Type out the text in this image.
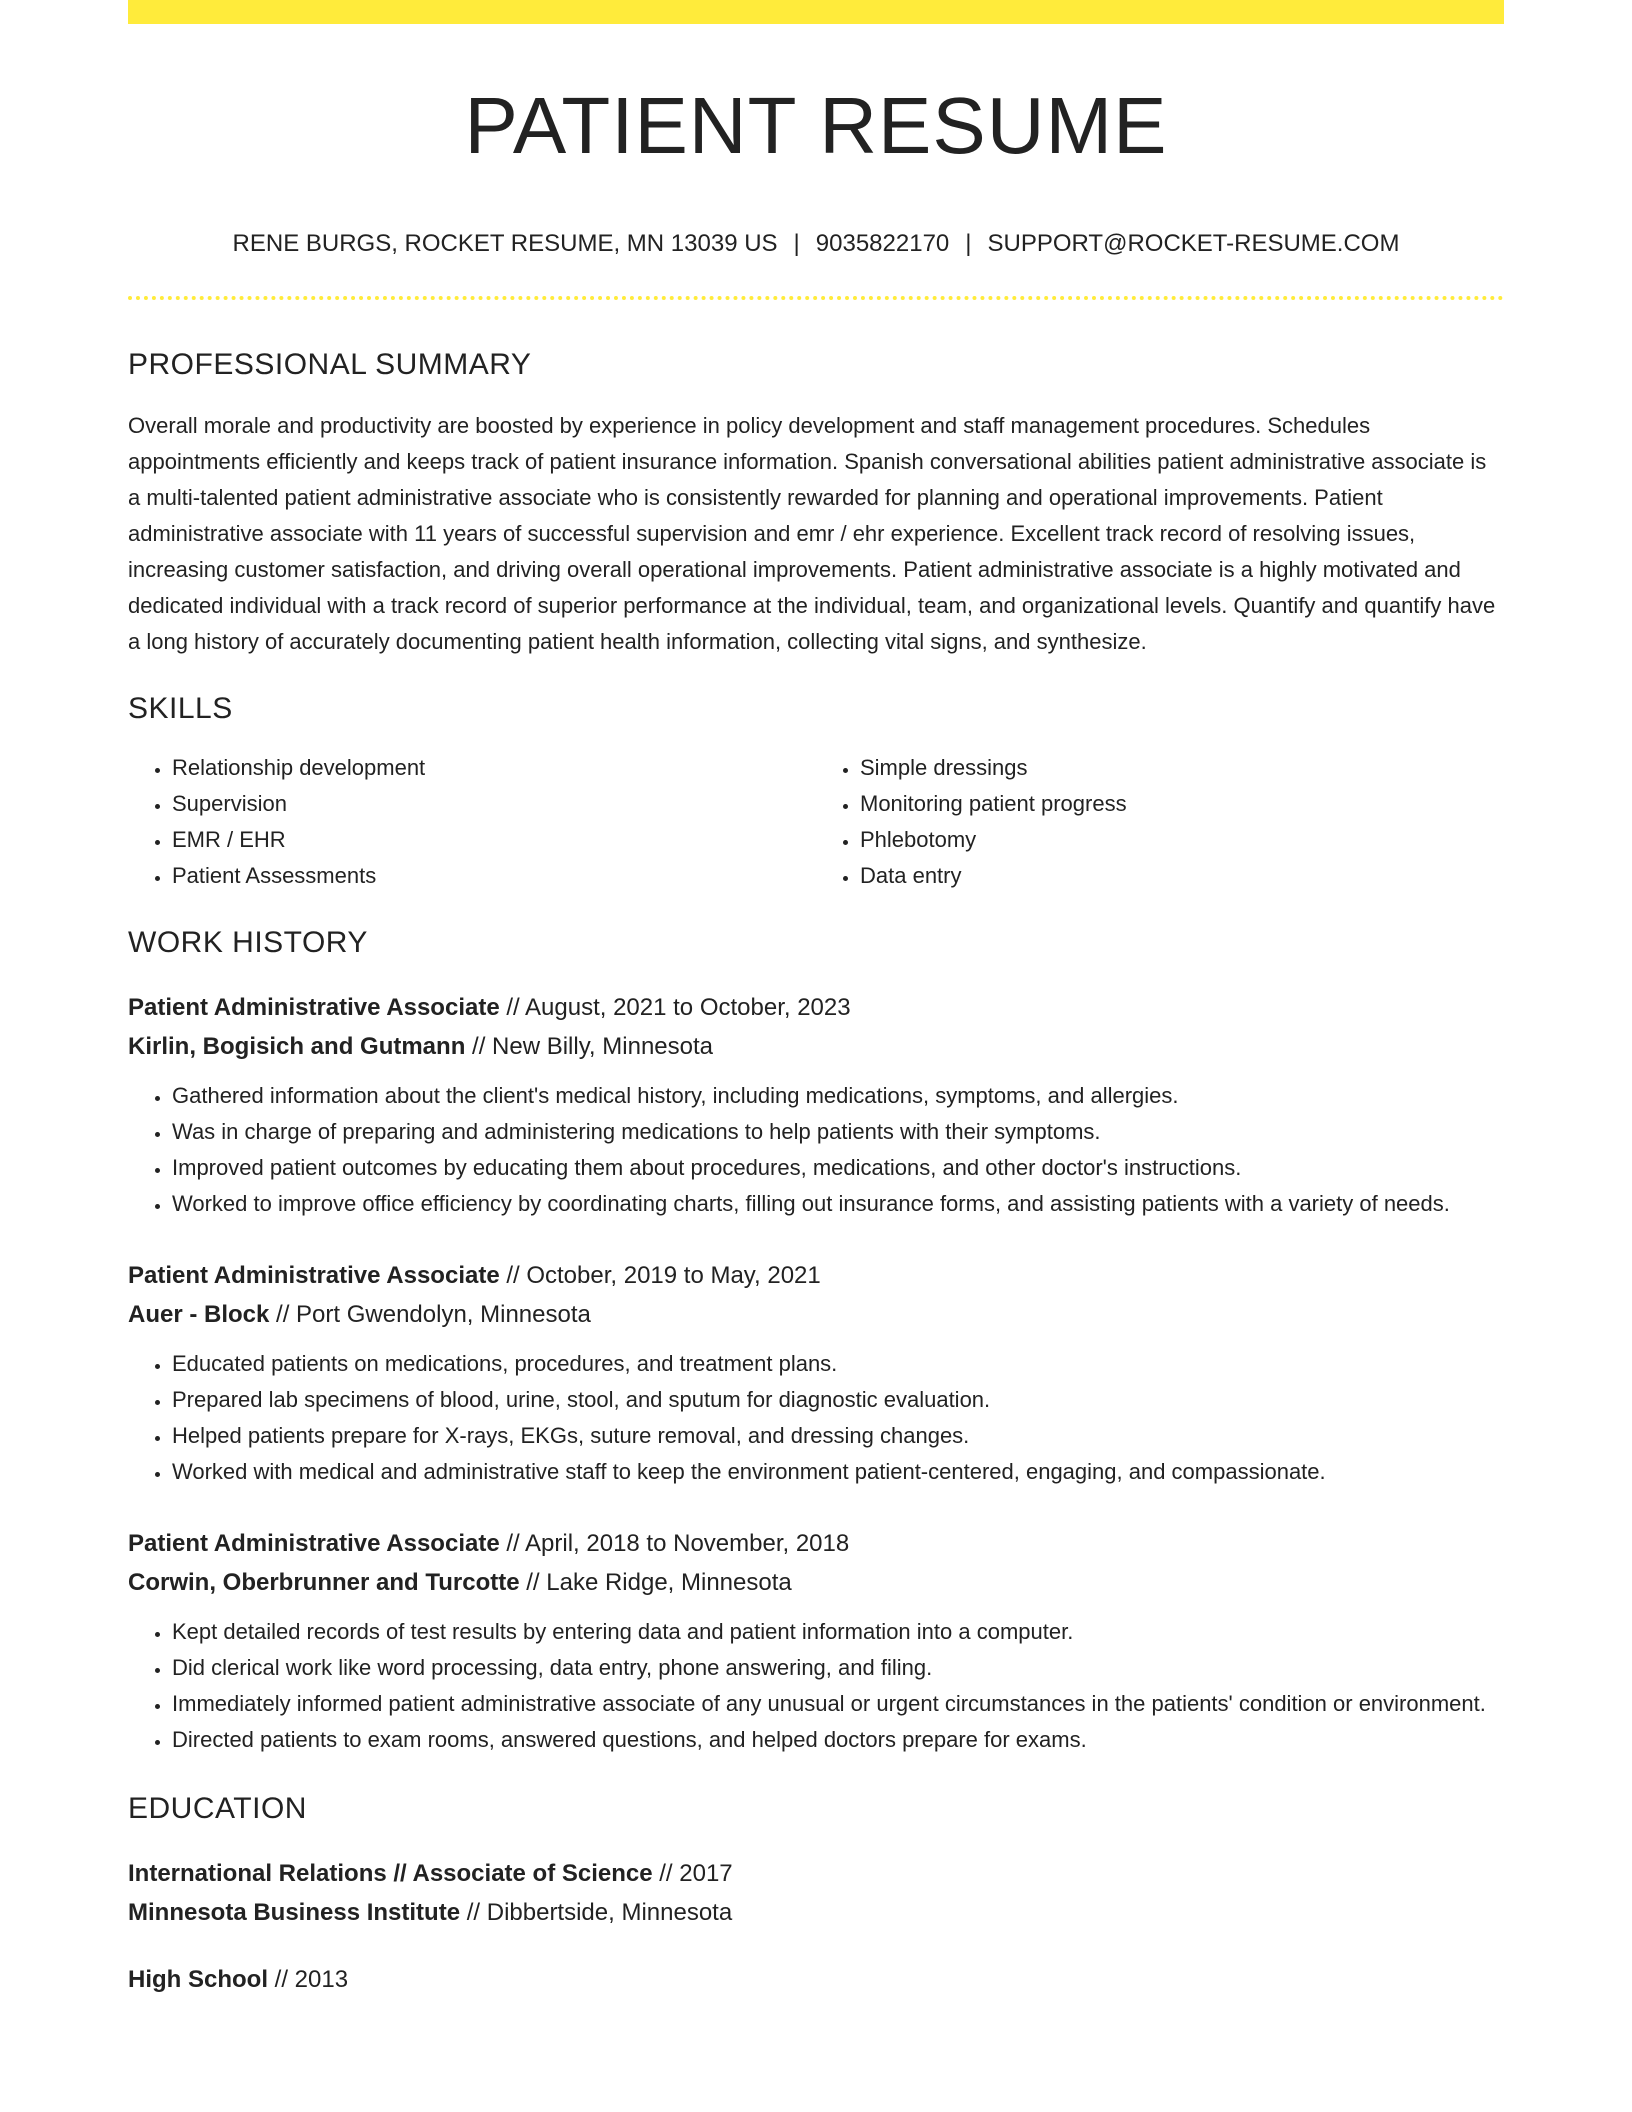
PATIENT RESUME
RENE BURGS, ROCKET RESUME, MN 13039 US | 9035822170 | SUPPORT@ROCKET-RESUME.COM
PROFESSIONAL SUMMARY
Overall morale and productivity are boosted by experience in policy development and staff management procedures. Schedules appointments efficiently and keeps track of patient insurance information. Spanish conversational abilities patient administrative associate is a multi-talented patient administrative associate who is consistently rewarded for planning and operational improvements. Patient administrative associate with 11 years of successful supervision and emr / ehr experience. Excellent track record of resolving issues, increasing customer satisfaction, and driving overall operational improvements. Patient administrative associate is a highly motivated and dedicated individual with a track record of superior performance at the individual, team, and organizational levels. Quantify and quantify have a long history of accurately documenting patient health information, collecting vital signs, and synthesize.
SKILLS
• Relationship development
• Supervision
• EMR / EHR
• Patient Assessments
• Simple dressings
• Monitoring patient progress
• Phlebotomy
• Data entry
WORK HISTORY
Patient Administrative Associate // August, 2021 to October, 2023
Kirlin, Bogisich and Gutmann // New Billy, Minnesota
• Gathered information about the client's medical history, including medications, symptoms, and allergies.
• Was in charge of preparing and administering medications to help patients with their symptoms.
• Improved patient outcomes by educating them about procedures, medications, and other doctor's instructions.
• Worked to improve office efficiency by coordinating charts, filling out insurance forms, and assisting patients with a variety of needs.
Patient Administrative Associate // October, 2019 to May, 2021
Auer - Block // Port Gwendolyn, Minnesota
• Educated patients on medications, procedures, and treatment plans.
• Prepared lab specimens of blood, urine, stool, and sputum for diagnostic evaluation.
• Helped patients prepare for X-rays, EKGs, suture removal, and dressing changes.
• Worked with medical and administrative staff to keep the environment patient-centered, engaging, and compassionate.
Patient Administrative Associate // April, 2018 to November, 2018
Corwin, Oberbrunner and Turcotte // Lake Ridge, Minnesota
• Kept detailed records of test results by entering data and patient information into a computer.
• Did clerical work like word processing, data entry, phone answering, and filing.
• Immediately informed patient administrative associate of any unusual or urgent circumstances in the patients' condition or environment.
• Directed patients to exam rooms, answered questions, and helped doctors prepare for exams.
EDUCATION
International Relations // Associate of Science // 2017
Minnesota Business Institute // Dibbertside, Minnesota
High School // 2013
